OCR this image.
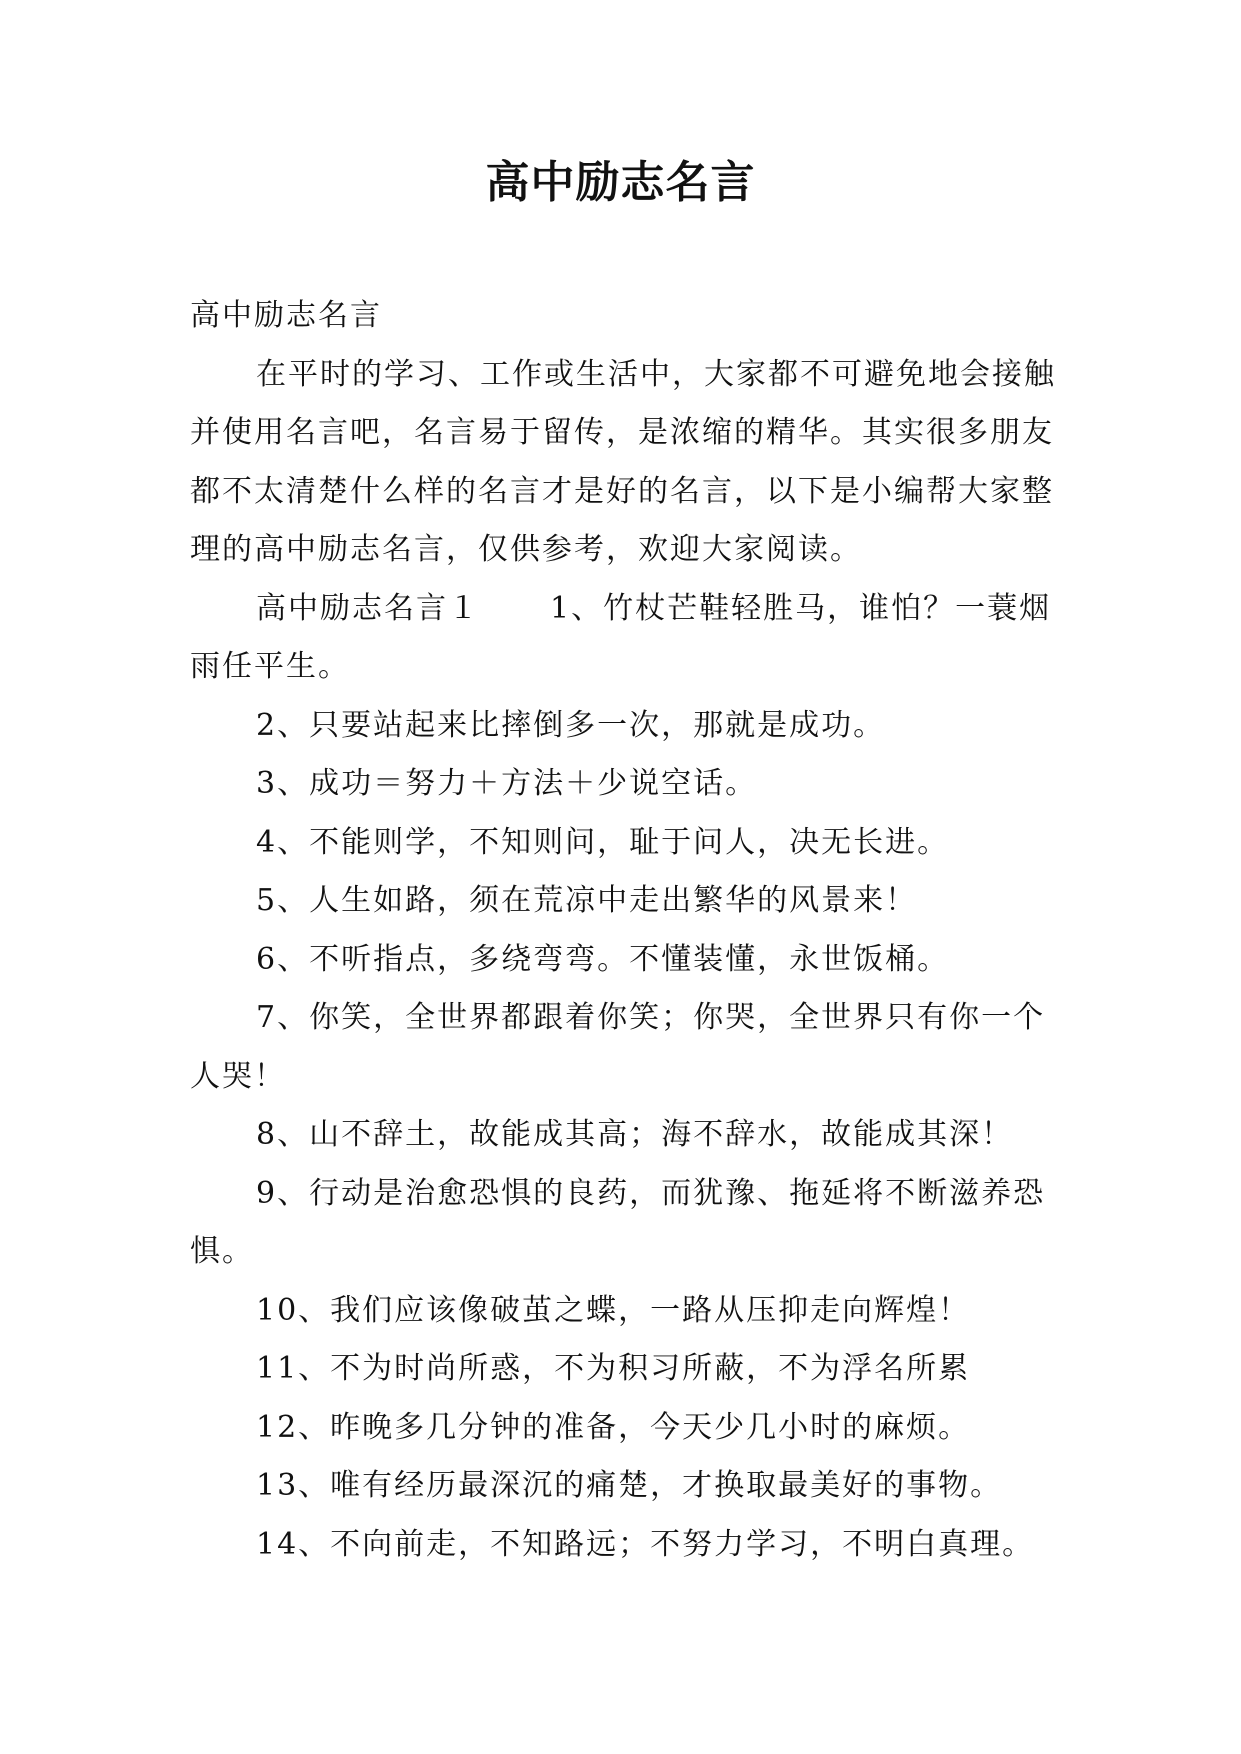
高中励志名言

高中励志名言

在平时的学习、工作或生活中，大家都不可避免地会接触并使用名言吧，名言易于留传，是浓缩的精华。其实很多朋友都不太清楚什么样的名言才是好的名言，以下是小编帮大家整理的高中励志名言，仅供参考，欢迎大家阅读。

高中励志名言１ 1、竹杖芒鞋轻胜马，谁怕？一蓑烟雨任平生。

2、只要站起来比摔倒多一次，那就是成功。

3、成功＝努力＋方法＋少说空话。

4、不能则学，不知则问，耻于问人，决无长进。

5、人生如路，须在荒凉中走出繁华的风景来！

6、不听指点，多绕弯弯。不懂装懂，永世饭桶。

7、你笑，全世界都跟着你笑；你哭，全世界只有你一个人哭！

8、山不辞土，故能成其高；海不辞水，故能成其深！

9、行动是治愈恐惧的良药，而犹豫、拖延将不断滋养恐惧。

10、我们应该像破茧之蝶，一路从压抑走向辉煌！

11、不为时尚所惑，不为积习所蔽，不为浮名所累

12、昨晚多几分钟的准备，今天少几小时的麻烦。

13、唯有经历最深沉的痛楚，才换取最美好的事物。

14、不向前走，不知路远；不努力学习，不明白真理。
